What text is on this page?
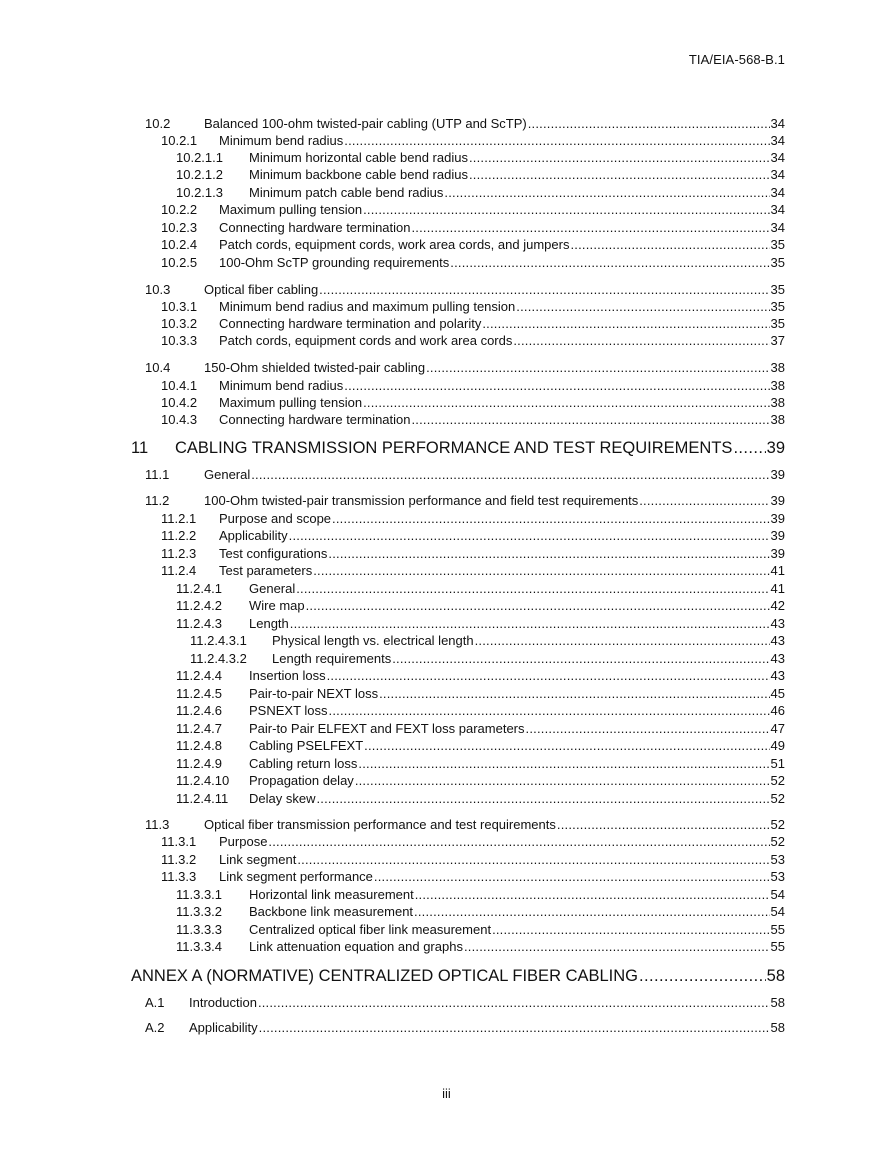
TIA/EIA-568-B.1
10.2	Balanced 100-ohm twisted-pair cabling (UTP and ScTP) .....	34
10.2.1	Minimum bend radius .....	34
10.2.1.1	Minimum horizontal cable bend radius .....	34
10.2.1.2	Minimum backbone cable bend radius .....	34
10.2.1.3	Minimum patch cable bend radius .....	34
10.2.2	Maximum pulling tension .....	34
10.2.3	Connecting hardware termination .....	34
10.2.4	Patch cords, equipment cords, work area cords, and jumpers .....	35
10.2.5	100-Ohm ScTP grounding requirements .....	35
10.3	Optical fiber cabling .....	35
10.3.1	Minimum bend radius and maximum pulling tension .....	35
10.3.2	Connecting hardware termination and polarity .....	35
10.3.3	Patch cords, equipment cords and work area cords .....	37
10.4	150-Ohm shielded twisted-pair cabling .....	38
10.4.1	Minimum bend radius .....	38
10.4.2	Maximum pulling tension .....	38
10.4.3	Connecting hardware termination .....	38
11	CABLING TRANSMISSION PERFORMANCE AND TEST REQUIREMENTS ..... 39
11.1	General .....	39
11.2	100-Ohm twisted-pair transmission performance and field test requirements .....	39
11.2.1	Purpose and scope .....	39
11.2.2	Applicability .....	39
11.2.3	Test configurations .....	39
11.2.4	Test parameters .....	41
11.2.4.1	General .....	41
11.2.4.2	Wire map .....	42
11.2.4.3	Length .....	43
11.2.4.3.1	Physical length vs. electrical length .....	43
11.2.4.3.2	Length requirements .....	43
11.2.4.4	Insertion loss .....	43
11.2.4.5	Pair-to-pair NEXT loss .....	45
11.2.4.6	PSNEXT loss .....	46
11.2.4.7	Pair-to Pair ELFEXT and FEXT loss parameters .....	47
11.2.4.8	Cabling PSELFEXT .....	49
11.2.4.9	Cabling return loss .....	51
11.2.4.10	Propagation delay .....	52
11.2.4.11	Delay skew .....	52
11.3	Optical fiber transmission performance and test requirements .....	52
11.3.1	Purpose .....	52
11.3.2	Link segment .....	53
11.3.3	Link segment performance .....	53
11.3.3.1	Horizontal link measurement .....	54
11.3.3.2	Backbone link measurement .....	54
11.3.3.3	Centralized optical fiber link measurement .....	55
11.3.3.4	Link attenuation equation and graphs .....	55
ANNEX A (NORMATIVE) CENTRALIZED OPTICAL FIBER CABLING .....	58
A.1	Introduction .....	58
A.2	Applicability .....	58
iii
